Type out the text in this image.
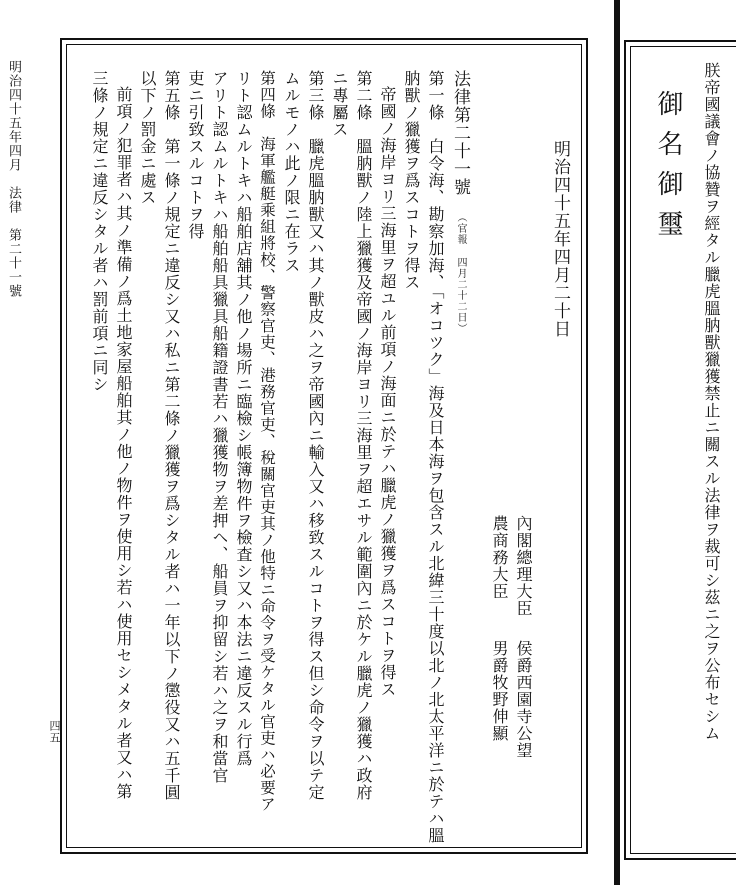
明治四十五年四月　法律　第二十一號
四五
明治四十五年四月二十日
內閣總理大臣
侯爵西園寺公望
農商務大臣
男爵牧野伸顯
法律第二十一號
（官報 四月二十二日）
第一條　白令海、勘察加海、「オコツク」海及日本海ヲ包含スル北緯三十度以北ノ北太平洋ニ於テハ膃
肭獸ノ獵獲ヲ爲スコトヲ得ス
帝國ノ海岸ヨリ三海里ヲ超ユル前項ノ海面ニ於テハ臘虎ノ獵獲ヲ爲スコトヲ得ス
第二條　膃肭獸ノ陸上獵獲及帝國ノ海岸ヨリ三海里ヲ超エサル範圍內ニ於ケル臘虎ノ獵獲ハ政府
ニ專屬ス
第三條　臘虎膃肭獸又ハ其ノ獸皮ハ之ヲ帝國內ニ輸入又ハ移致スルコトヲ得ス但シ命令ヲ以テ定
ムルモノハ此ノ限ニ在ラス
第四條　海軍艦艇乘組將校、警察官吏、港務官吏、稅關官吏其ノ他特ニ命令ヲ受ケタル官吏ハ必要ア
リト認ムルトキハ船舶店舖其ノ他ノ場所ニ臨檢シ帳簿物件ヲ檢査シ又ハ本法ニ違反スル行爲
アリト認ムルトキハ船舶船具獵具船籍證書若ハ獵獲物ヲ差押ヘ、船員ヲ抑留シ若ハ之ヲ和當官
吏ニ引致スルコトヲ得
第五條　第一條ノ規定ニ違反シ又ハ私ニ第二條ノ獵獲ヲ爲シタル者ハ一年以下ノ懲役又ハ五千圓
以下ノ罰金ニ處ス
前項ノ犯罪者ハ其ノ準備ノ爲土地家屋船舶其ノ他ノ物件ヲ使用シ若ハ使用セシメタル者又ハ第
三條ノ規定ニ違反シタル者ハ罰前項ニ同シ	朕帝國議會ノ協贊ヲ經タル臘虎膃肭獸獵獲禁止ニ關スル法律ヲ裁可シ茲ニ之ヲ公布セシム
御名御璽
